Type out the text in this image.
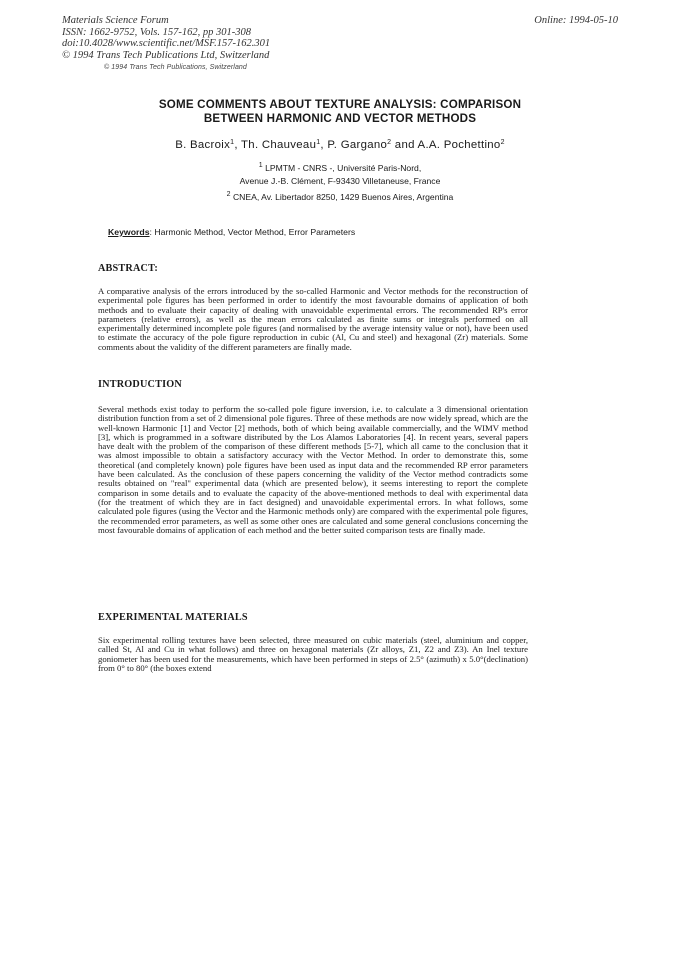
Materials Science Forum
ISSN: 1662-9752, Vols. 157-162, pp 301-308
doi:10.4028/www.scientific.net/MSF.157-162.301
© 1994 Trans Tech Publications Ltd, Switzerland
Online: 1994-05-10
© 1994 Trans Tech Publications, Switzerland
SOME COMMENTS ABOUT TEXTURE ANALYSIS: COMPARISON
BETWEEN HARMONIC AND VECTOR METHODS
B. Bacroix$^1$, Th. Chauveau$^1$, P. Gargano$^2$ and A.A. Pochettino$^2$
$^1$ LPMTM - CNRS -, Université Paris-Nord,
Avenue J.-B. Clément, F-93430 Villetaneuse, France
$^2$ CNEA, Av. Libertador 8250, 1429 Buenos Aires, Argentina
Keywords: Harmonic Method, Vector Method, Error Parameters
ABSTRACT:
A comparative analysis of the errors introduced by the so-called Harmonic and Vector methods for the reconstruction of experimental pole figures has been performed in order to identify the most favourable domains of application of both methods and to evaluate their capacity of dealing with unavoidable experimental errors. The recommended RP's error parameters (relative errors), as well as the mean errors calculated as finite sums or integrals performed on all experimentally determined incomplete pole figures (and normalised by the average intensity value or not), have been used to estimate the accuracy of the pole figure reproduction in cubic (Al, Cu and steel) and hexagonal (Zr) materials. Some comments about the validity of the different parameters are finally made.
INTRODUCTION
Several methods exist today to perform the so-called pole figure inversion, i.e. to calculate a 3 dimensional orientation distribution function from a set of 2 dimensional pole figures. Three of these methods are now widely spread, which are the well-known Harmonic [1] and Vector [2] methods, both of which being available commercially, and the WIMV method [3], which is programmed in a software distributed by the Los Alamos Laboratories [4]. In recent years, several papers have dealt with the problem of the comparison of these different methods [5-7], which all came to the conclusion that it was almost impossible to obtain a satisfactory accuracy with the Vector Method. In order to demonstrate this, some theoretical (and completely known) pole figures have been used as input data and the recommended RP error parameters have been calculated. As the conclusion of these papers concerning the validity of the Vector method contradicts some results obtained on "real" experimental data (which are presented below), it seems interesting to report the complete comparison in some details and to evaluate the capacity of the above-mentioned methods to deal with experimental data (for the treatment of which they are in fact designed) and unavoidable experimental errors. In what follows, some calculated pole figures (using the Vector and the Harmonic methods only) are compared with the experimental pole figures, the recommended error parameters, as well as some other ones are calculated and some general conclusions concerning the most favourable domains of application of each method and the better suited comparison tests are finally made.
EXPERIMENTAL MATERIALS
Six experimental rolling textures have been selected, three measured on cubic materials (steel, aluminium and copper, called St, Al and Cu in what follows) and three on hexagonal materials (Zr alloys, Z1, Z2 and Z3). An Inel texture goniometer has been used for the measurements, which have been performed in steps of 2.5° (azimuth) x 5.0°(declination) from 0° to 80° (the boxes extend
